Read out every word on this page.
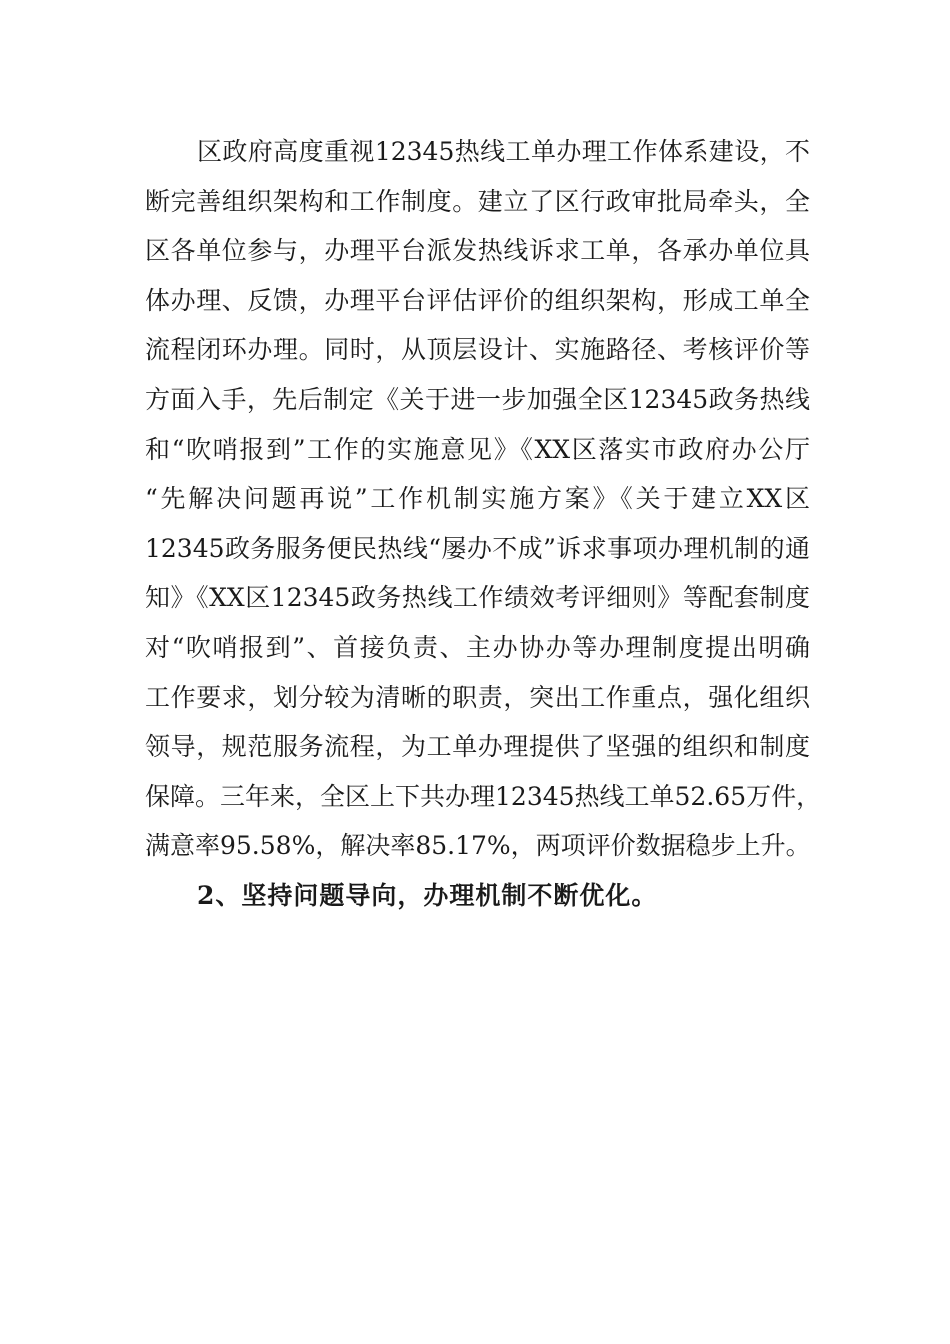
区政府高度重视12345热线工单办理工作体系建设，不
断完善组织架构和工作制度。建立了区行政审批局牵头，全
区各单位参与，办理平台派发热线诉求工单，各承办单位具
体办理、反馈，办理平台评估评价的组织架构，形成工单全
流程闭环办理。同时，从顶层设计、实施路径、考核评价等
方面入手，先后制定《关于进一步加强全区12345政务热线
和“吹哨报到”工作的实施意见》《XX区落实市政府办公厅
“先解决问题再说”工作机制实施方案》《关于建立XX区
12345政务服务便民热线“屡办不成”诉求事项办理机制的通
知》《XX区12345政务热线工作绩效考评细则》等配套制度
对“吹哨报到”、首接负责、主办协办等办理制度提出明确
工作要求，划分较为清晰的职责，突出工作重点，强化组织
领导，规范服务流程，为工单办理提供了坚强的组织和制度
保障。三年来，全区上下共办理12345热线工单52.65万件，
满意率95.58%，解决率85.17%，两项评价数据稳步上升。
2、坚持问题导向，办理机制不断优化。
